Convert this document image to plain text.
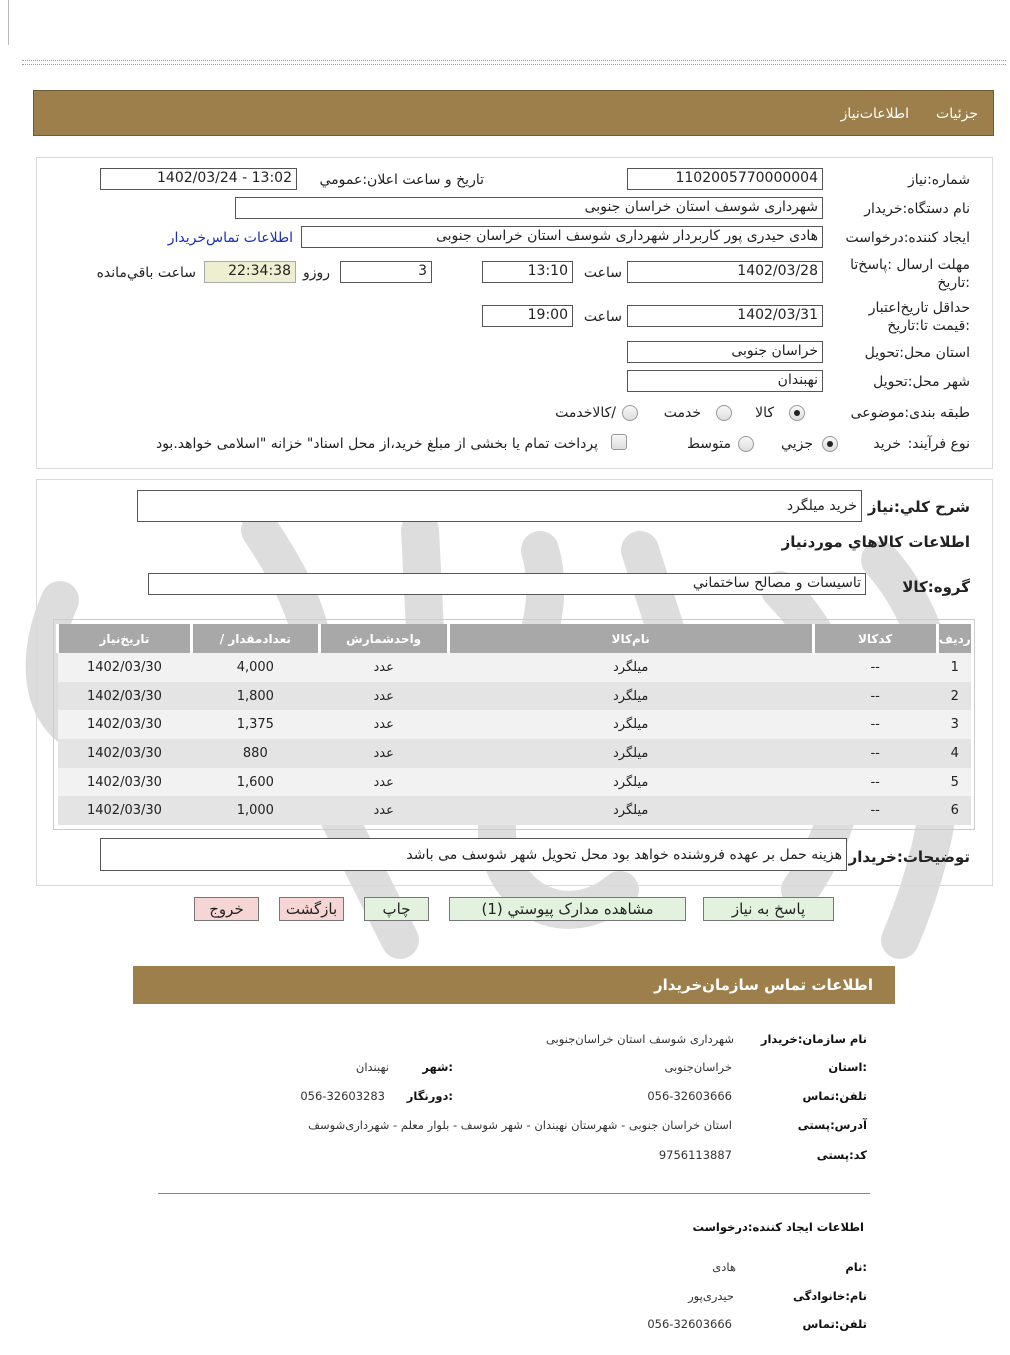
جزئیات
اطلاعات‌نیاز
شماره:نیاز
1102005770000004
تاریخ و ساعت اعلان:عمومي
1402/03/24 - 13:02
نام دستگاه:خریدار
شهرداری شوسف استان خراسان جنوبی
ایجاد کننده:درخواست
هادی حیدری پور کاربردار شهرداری شوسف استان خراسان جنوبی
اطلاعات تماس‌خریدار
مهلت ارسال :پاسخ‌تا
:تاریخ
1402/03/28
ساعت
13:10
3
روزو
22:34:38
ساعت باقي‌مانده
حداقل تاریخ‌اعتبار
:قیمت تا:تاریخ
1402/03/31
ساعت
19:00
استان محل:تحویل
خراسان جنوبی
شهر محل:تحویل
نهبندان
طبقه بندی:موضوعی
کالا
خدمت
/کالاخدمت
نوع فرآیند:
خرید
جزیي
متوسط
پرداخت تمام یا بخشی از مبلغ خرید،از محل اسناد" خزانه "اسلامی خواهد.بود
شرح کلي:نیاز
خرید میلگرد
اطلاعات کالاهاي موردنیاز
گروه:کالا
تاسیسات و مصالح ساختماني
ردیف	کدکالا	نام‌کالا	واحدشمارش	تعدادمقدار /	تاریخ‌نیاز
1	--	میلگرد	عدد	4,000	1402/03/30
2	--	میلگرد	عدد	1,800	1402/03/30
3	--	میلگرد	عدد	1,375	1402/03/30
4	--	میلگرد	عدد	880	1402/03/30
5	--	میلگرد	عدد	1,600	1402/03/30
6	--	میلگرد	عدد	1,000	1402/03/30
توضیحات:خریدار
هزینه حمل بر عهده فروشنده خواهد بود محل تحویل شهر شوسف می باشد
پاسخ به نیاز
مشاهده مدارک پیوستي (1)
چاپ
بازگشت
خروج
اطلاعات تماس سازمان‌خریدار
نام سازمان:خریدار
شهرداری شوسف استان خراسان‌جنوبی
:استان
خراسان‌جنوبی
:شهر
نهبندان
تلفن:تماس
056-32603666
:دورنگار
056-32603283
آدرس:پستی
استان خراسان جنوبی - شهرستان نهبندان - شهر شوسف - بلوار معلم - شهرداری‌شوسف
کد:پستی
9756113887
اطلاعات ایجاد کننده:درخواست
:نام
هادی
نام:خانوادگی
حیدری‌پور
تلفن:تماس
056-32603666
